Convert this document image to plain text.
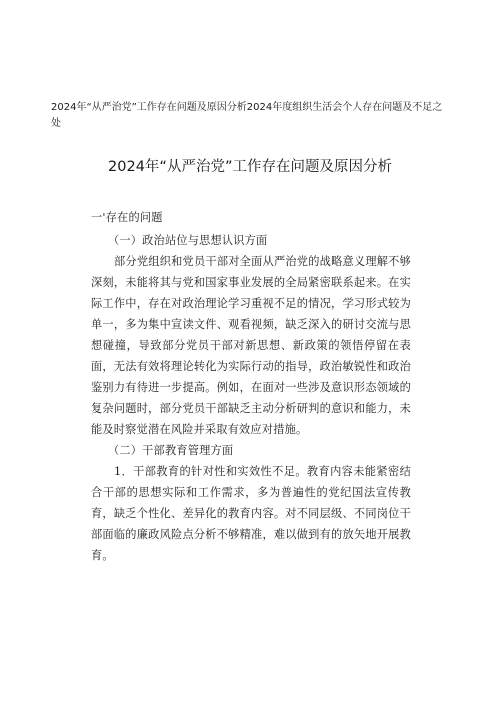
2024年“从严治党”工作存在问题及原因分析2024年度组织生活会个人存在问题及不足之处
2024年“从严治党”工作存在问题及原因分析
一'存在的问题
（一）政治站位与思想认识方面
部分党组织和党员干部对全面从严治党的战略意义理解不够深刻，未能将其与党和国家事业发展的全局紧密联系起来。在实际工作中，存在对政治理论学习重视不足的情况，学习形式较为单一，多为集中宣读文件、观看视频，缺乏深入的研讨交流与思想碰撞，导致部分党员干部对新思想、新政策的领悟停留在表面，无法有效将理论转化为实际行动的指导，政治敏锐性和政治鉴别力有待进一步提高。例如，在面对一些涉及意识形态领域的复杂问题时，部分党员干部缺乏主动分析研判的意识和能力，未能及时察觉潜在风险并采取有效应对措施。
（二）干部教育管理方面
1．干部教育的针对性和实效性不足。教育内容未能紧密结合干部的思想实际和工作需求，多为普遍性的党纪国法宣传教育，缺乏个性化、差异化的教育内容。对不同层级、不同岗位干部面临的廉政风险点分析不够精准，难以做到有的放矢地开展教育。
